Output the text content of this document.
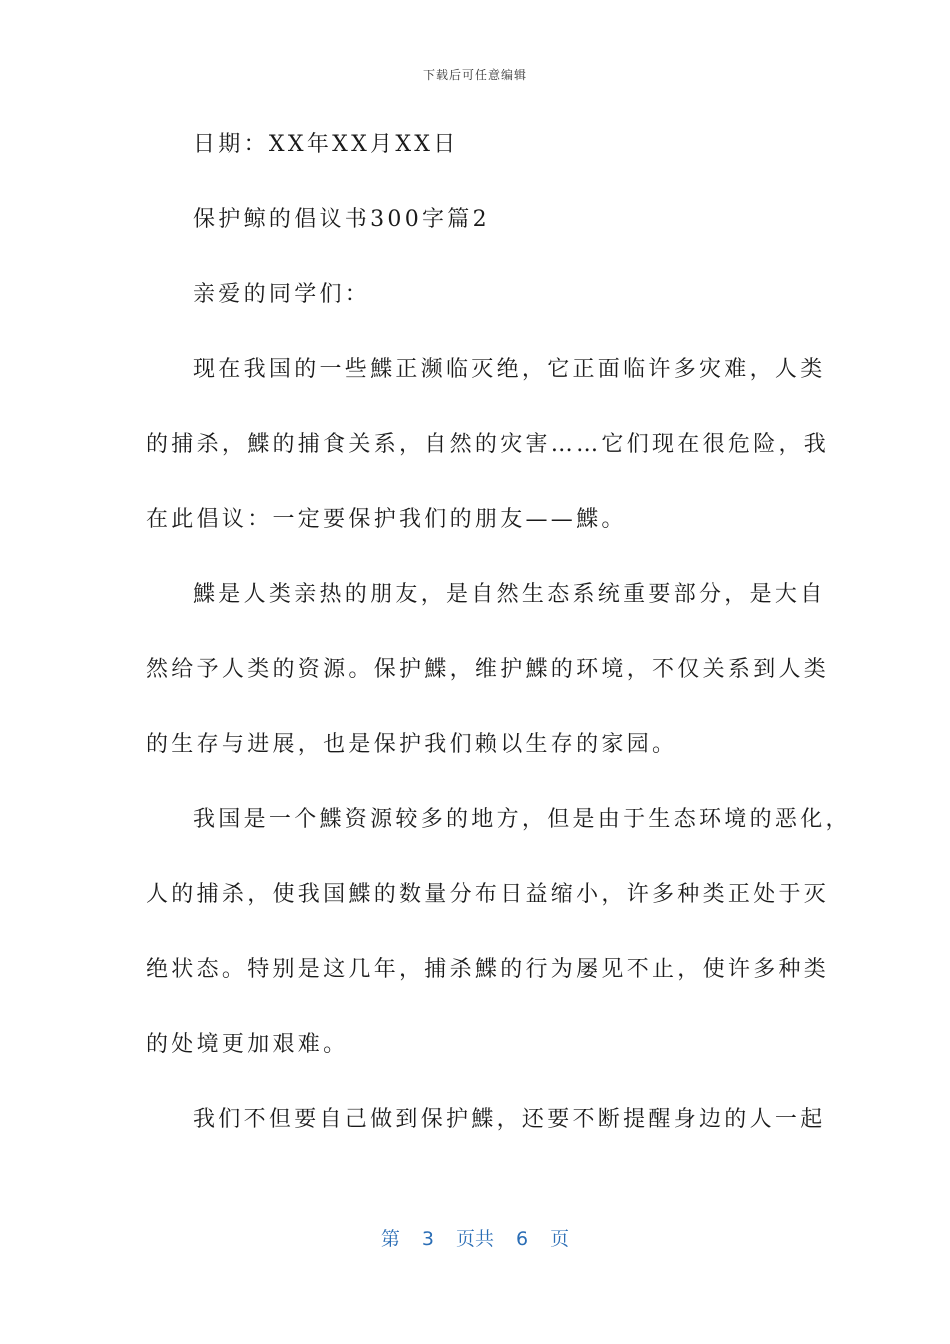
下载后可任意编辑
日期：XX年XX月XX日
保护鲸的倡议书300字篇2
亲爱的同学们：
现在我国的一些鰈正濒临灭绝，它正面临许多灾难，人类
的捕杀，鰈的捕食关系，自然的灾害……它们现在很危险，我
在此倡议：一定要保护我们的朋友——鰈。
鰈是人类亲热的朋友，是自然生态系统重要部分，是大自
然给予人类的资源。保护鰈，维护鰈的环境，不仅关系到人类
的生存与进展，也是保护我们赖以生存的家园。
我国是一个鰈资源较多的地方，但是由于生态环境的恶化，
人的捕杀，使我国鰈的数量分布日益缩小，许多种类正处于灭
绝状态。特别是这几年，捕杀鰈的行为屡见不止，使许多种类
的处境更加艰难。
我们不但要自己做到保护鰈，还要不断提醒身边的人一起
第 3 页共 6 页
